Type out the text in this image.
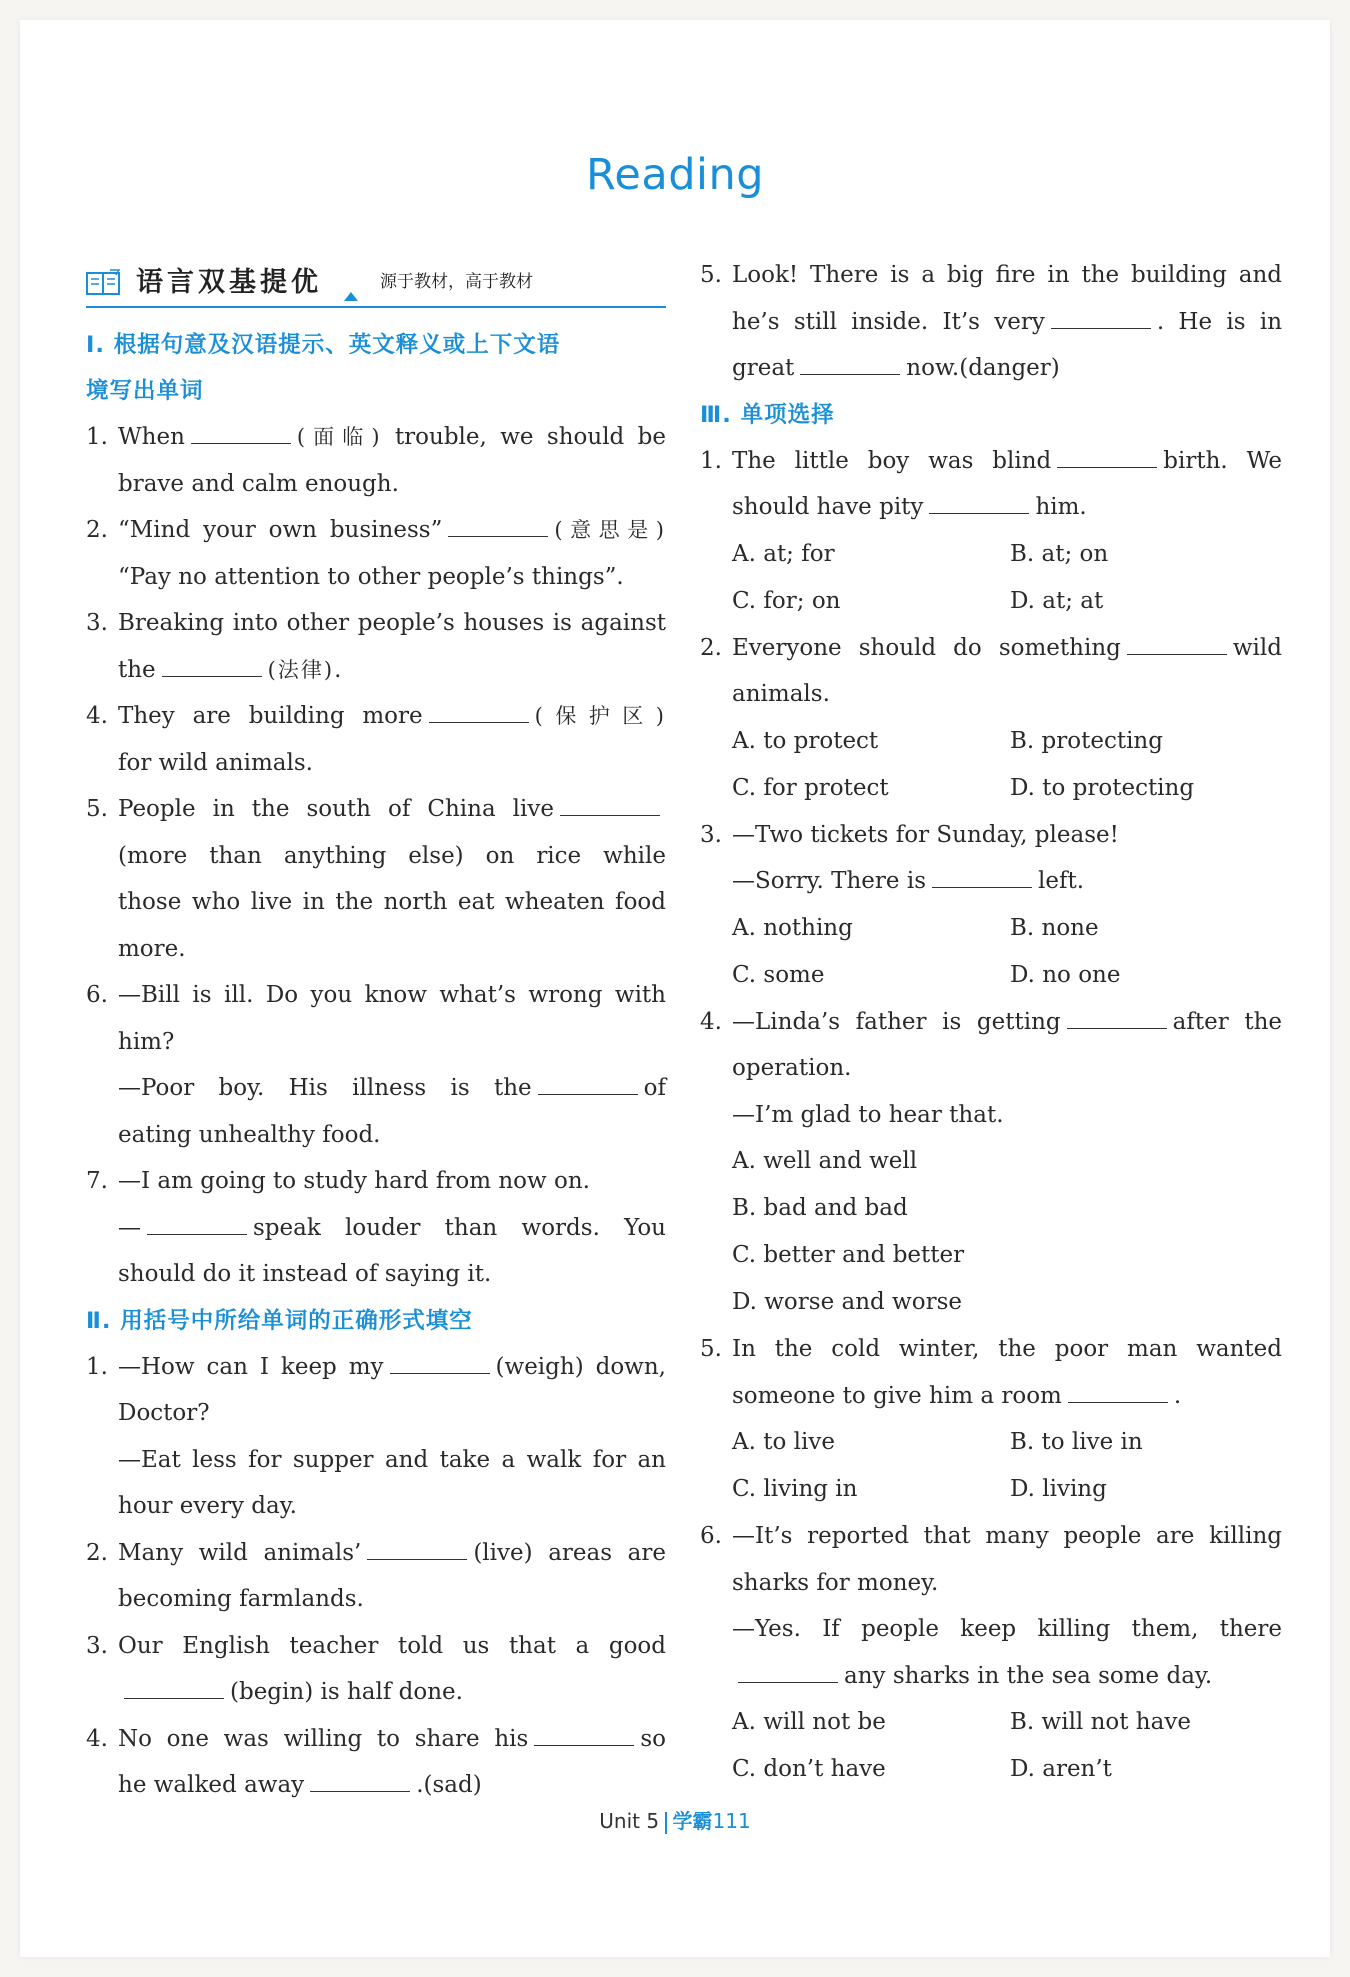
Reading
语言双基提优	源于教材，高于教材
Ⅰ. 根据句意及汉语提示、英文释义或上下文语
境写出单词
1. When	(面临) trouble, we should be
brave and calm enough.
2. “Mind your own business”	(意思是)
“Pay no attention to other people’s things”.
3. Breaking into other people’s houses is against
the	(法律).
4. They are building more	(保护区)
for wild animals.
5. People in the south of China live
(more than anything else) on rice while
those who live in the north eat wheaten food
more.
6. —Bill is ill. Do you know what’s wrong with
him?
—Poor boy. His illness is the	of
eating unhealthy food.
7. —I am going to study hard from now on.
—	speak louder than words. You
should do it instead of saying it.
Ⅱ. 用括号中所给单词的正确形式填空
1. —How can I keep my	(weigh) down,
Doctor?
—Eat less for supper and take a walk for an
hour every day.
2. Many wild animals’	(live) areas are
becoming farmlands.
3. Our English teacher told us that a good
(begin) is half done.
4. No one was willing to share his	so
he walked away	.(sad)
5. Look! There is a big fire in the building and
he’s still inside. It’s very	. He is in
great	now.(danger)
Ⅲ. 单项选择
1. The little boy was blind	birth. We
should have pity	him.
A. at; for	B. at; on
C. for; on	D. at; at
2. Everyone should do something	wild
animals.
A. to protect	B. protecting
C. for protect	D. to protecting
3. —Two tickets for Sunday, please!
—Sorry. There is	left.
A. nothing	B. none
C. some	D. no one
4. —Linda’s father is getting	after the
operation.
—I’m glad to hear that.
A. well and well
B. bad and bad
C. better and better
D. worse and worse
5. In the cold winter, the poor man wanted
someone to give him a room	.
A. to live	B. to live in
C. living in	D. living
6. —It’s reported that many people are killing
sharks for money.
—Yes. If people keep killing them, there
any sharks in the sea some day.
A. will not be	B. will not have
C. don’t have	D. aren’t
Unit 5 学霸111
